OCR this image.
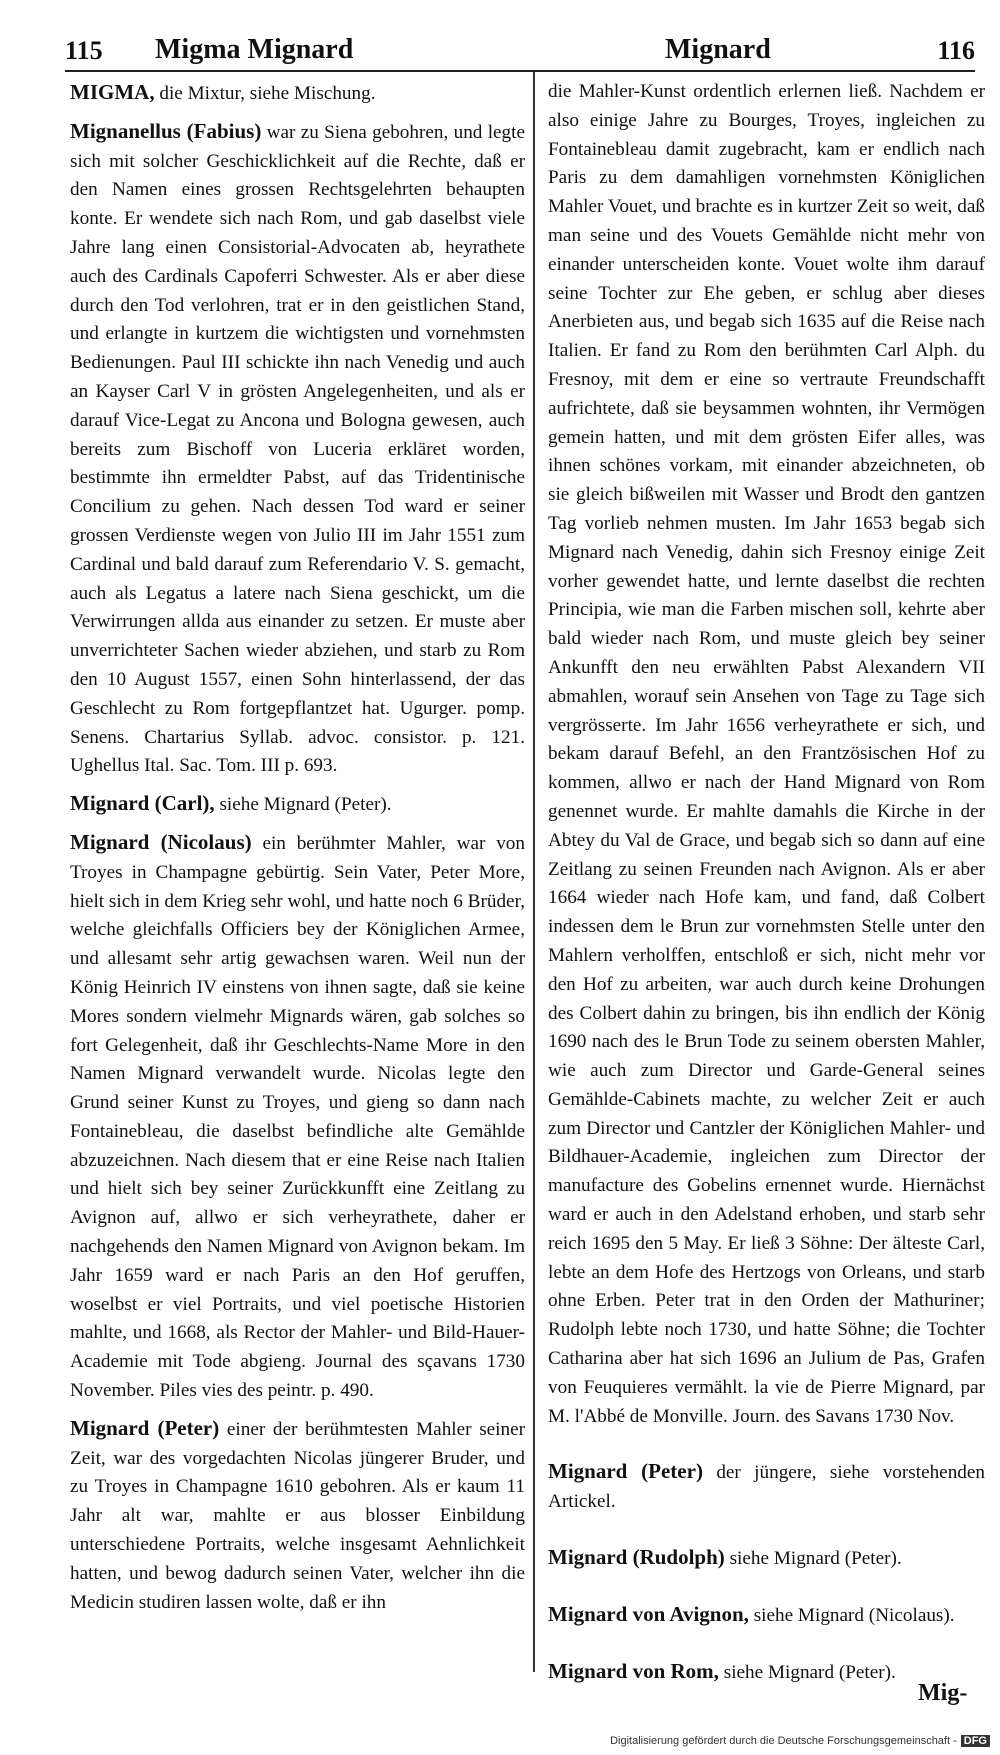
115 Migma Mignard	Mignard	116

MIGMA, die Mixtur, siehe Mischung.

Mignanellus (Fabius) war zu Siena gebohren, und legte sich mit solcher Geschicklichkeit auf die Rechte, daß er den Namen eines grossen Rechtsgelehrten behaupten konte. Er wendete sich nach Rom, und gab daselbst viele Jahre lang einen Consistorial-Advocaten ab, heyrathete auch des Cardinals Capoferri Schwester. Als er aber diese durch den Tod verlohren, trat er in den geistlichen Stand, und erlangte in kurtzem die wichtigsten und vornehmsten Bedienungen. Paul III schickte ihn nach Venedig und auch an Kayser Carl V in grösten Angelegenheiten, und als er darauf Vice-Legat zu Ancona und Bologna gewesen, auch bereits zum Bischoff von Luceria erkläret worden, bestimmte ihn ermeldter Pabst, auf das Tridentinische Concilium zu gehen. Nach dessen Tod ward er seiner grossen Verdienste wegen von Julio III im Jahr 1551 zum Cardinal und bald darauf zum Referendario V. S. gemacht, auch als Legatus a latere nach Siena geschickt, um die Verwirrungen allda aus einander zu setzen. Er muste aber unverrichteter Sachen wieder abziehen, und starb zu Rom den 10 August 1557, einen Sohn hinterlassend, der das Geschlecht zu Rom fortgepflantzet hat. Ugurger. pomp. Senens. Chartarius Syllab. advoc. consistor. p. 121. Ughellus Ital. Sac. Tom. III p. 693.

Mignard (Carl), siehe Mignard (Peter).

Mignard (Nicolaus) ein berühmter Mahler, war von Troyes in Champagne gebürtig. Sein Vater, Peter More, hielt sich in dem Krieg sehr wohl, und hatte noch 6 Brüder, welche gleichfalls Officiers bey der Königlichen Armee, und allesamt sehr artig gewachsen waren. Weil nun der König Heinrich IV einstens von ihnen sagte, daß sie keine Mores sondern vielmehr Mignards wären, gab solches so fort Gelegenheit, daß ihr Geschlechts-Name More in den Namen Mignard verwandelt wurde. Nicolas legte den Grund seiner Kunst zu Troyes, und gieng so dann nach Fontainebleau, die daselbst befindliche alte Gemählde abzuzeichnen. Nach diesem that er eine Reise nach Italien und hielt sich bey seiner Zurückkunfft eine Zeitlang zu Avignon auf, allwo er sich verheyrathete, daher er nachgehends den Namen Mignard von Avignon bekam. Im Jahr 1659 ward er nach Paris an den Hof geruffen, woselbst er viel Portraits, und viel poetische Historien mahlte, und 1668, als Rector der Mahler- und Bild-Hauer-Academie mit Tode abgieng. Journal des sçavans 1730 November. Piles vies des peintr. p. 490.

Mignard (Peter) einer der berühmtesten Mahler seiner Zeit, war des vorgedachten Nicolas jüngerer Bruder, und zu Troyes in Champagne 1610 gebohren. Als er kaum 11 Jahr alt war, mahlte er aus blosser Einbildung unterschiedene Portraits, welche insgesamt Aehnlichkeit hatten, und bewog dadurch seinen Vater, welcher ihn die Medicin studiren lassen wolte, daß er ihn

die Mahler-Kunst ordentlich erlernen ließ. Nachdem er also einige Jahre zu Bourges, Troyes, ingleichen zu Fontainebleau damit zugebracht, kam er endlich nach Paris zu dem damahligen vornehmsten Königlichen Mahler Vouet, und brachte es in kurtzer Zeit so weit, daß man seine und des Vouets Gemählde nicht mehr von einander unterscheiden konte. Vouet wolte ihm darauf seine Tochter zur Ehe geben, er schlug aber dieses Anerbieten aus, und begab sich 1635 auf die Reise nach Italien. Er fand zu Rom den berühmten Carl Alph. du Fresnoy, mit dem er eine so vertraute Freundschafft aufrichtete, daß sie beysammen wohnten, ihr Vermögen gemein hatten, und mit dem grösten Eifer alles, was ihnen schönes vorkam, mit einander abzeichneten, ob sie gleich bißweilen mit Wasser und Brodt den gantzen Tag vorlieb nehmen musten. Im Jahr 1653 begab sich Mignard nach Venedig, dahin sich Fresnoy einige Zeit vorher gewendet hatte, und lernte daselbst die rechten Principia, wie man die Farben mischen soll, kehrte aber bald wieder nach Rom, und muste gleich bey seiner Ankunfft den neu erwählten Pabst Alexandern VII abmahlen, worauf sein Ansehen von Tage zu Tage sich vergrösserte. Im Jahr 1656 verheyrathete er sich, und bekam darauf Befehl, an den Frantzösischen Hof zu kommen, allwo er nach der Hand Mignard von Rom genennet wurde. Er mahlte damahls die Kirche in der Abtey du Val de Grace, und begab sich so dann auf eine Zeitlang zu seinen Freunden nach Avignon. Als er aber 1664 wieder nach Hofe kam, und fand, daß Colbert indessen dem le Brun zur vornehmsten Stelle unter den Mahlern verholffen, entschloß er sich, nicht mehr vor den Hof zu arbeiten, war auch durch keine Drohungen des Colbert dahin zu bringen, bis ihn endlich der König 1690 nach des le Brun Tode zu seinem obersten Mahler, wie auch zum Director und Garde-General seines Gemählde-Cabinets machte, zu welcher Zeit er auch zum Director und Cantzler der Königlichen Mahler- und Bildhauer-Academie, ingleichen zum Director der manufacture des Gobelins ernennet wurde. Hiernächst ward er auch in den Adelstand erhoben, und starb sehr reich 1695 den 5 May. Er ließ 3 Söhne: Der älteste Carl, lebte an dem Hofe des Hertzogs von Orleans, und starb ohne Erben. Peter trat in den Orden der Mathuriner; Rudolph lebte noch 1730, und hatte Söhne; die Tochter Catharina aber hat sich 1696 an Julium de Pas, Grafen von Feuquieres vermählt. la vie de Pierre Mignard, par M. l'Abbé de Monville. Journ. des Savans 1730 Nov.

Mignard (Peter) der jüngere, siehe vorstehenden Artickel.

Mignard (Rudolph) siehe Mignard (Peter).

Mignard von Avignon, siehe Mignard (Nicolaus).

Mignard von Rom, siehe Mignard (Peter).

Mig-
Digitalisierung gefördert durch die Deutsche Forschungsgemeinschaft - DFG
